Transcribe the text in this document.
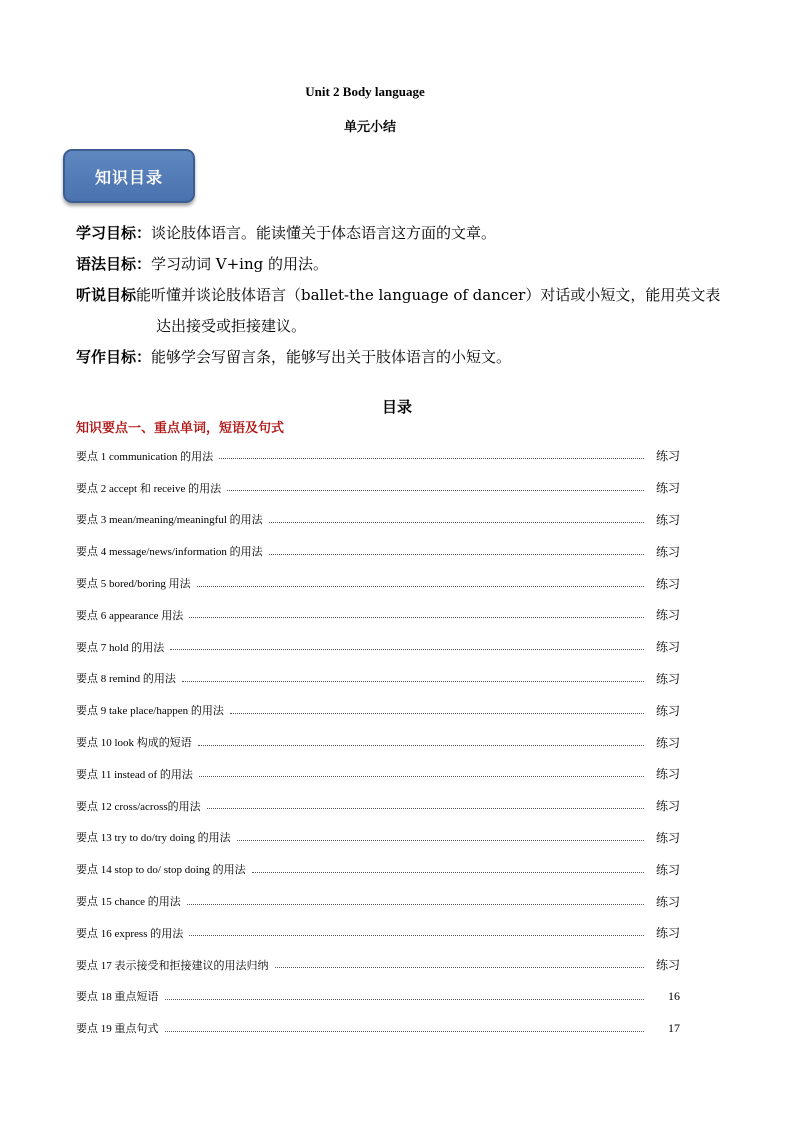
Unit 2 Body language
单元小结
知识目录
学习目标：谈论肢体语言。能读懂关于体态语言这方面的文章。
语法目标：学习动词 V+ing 的用法。
听说目标能听懂并谈论肢体语言（ballet-the language of dancer）对话或小短文，能用英文表
达出接受或拒接建议。
写作目标：能够学会写留言条，能够写出关于肢体语言的小短文。
目录
知识要点一、重点单词，短语及句式
要点 1 communication 的用法	练习
要点 2 accept 和 receive 的用法	练习
要点 3 mean/meaning/meaningful 的用法	练习
要点 4 message/news/information 的用法	练习
要点 5 bored/boring 用法	练习
要点 6 appearance 用法	练习
要点 7 hold 的用法	练习
要点 8 remind 的用法	练习
要点 9 take place/happen 的用法	练习
要点 10 look 构成的短语	练习
要点 11 instead of 的用法	练习
要点 12 cross/across的用法	练习
要点 13 try to do/try doing 的用法	练习
要点 14 stop to do/ stop doing 的用法	练习
要点 15 chance 的用法	练习
要点 16 express 的用法	练习
要点 17 表示接受和拒接建议的用法归纳	练习
要点 18 重点短语	16
要点 19 重点句式	17
